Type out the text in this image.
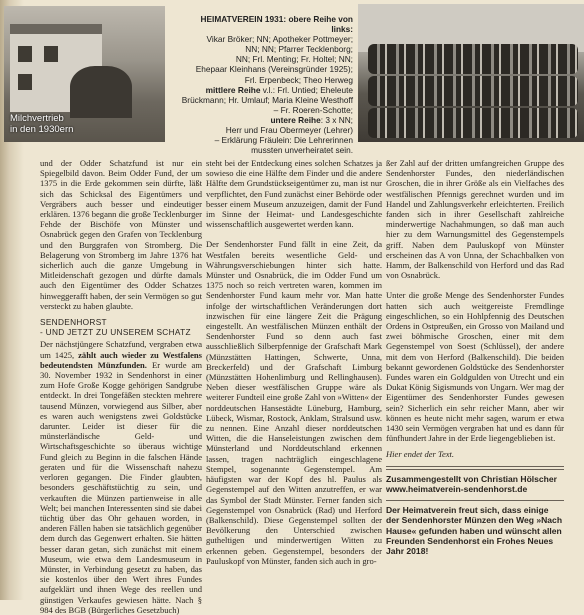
Milchvertrieb
in den 1930ern
HEIMATVEREIN 1931: obere Reihe von links:
Vikar Bröker; NN; Apotheker Pottmeyer;
NN; NN; Pfarrer Tecklenborg;
NN; Frl. Menting; Fr. Holtel; NN;
Ehepaar Kleinhans (Vereinsgründer 1925);
Frl. Erpenbeck; Theo Herweg
mittlere Reihe v.l.: Frl. Untied; Eheleute
Brückmann; Hr. Umlauf; Maria Kleine Westhoff
– Fr. Roeren-Schotte;
untere Reihe: 3 x NN;
Herr und Frau Obermeyer (Lehrer)
– Erklärung Fräulein: Die Lehrerinnen
mussten unverheiratet sein.

und der Odder Schatzfund ist nur ein Spiegelbild davon. Beim Odder Fund, der um 1375 in die Erde gekommen sein dürfte, läßt sich das Schicksal des Eigentümers und Vergräbers auch besser und eindeutiger erklären. 1376 begann die große Tecklenburger Fehde der Bischöfe von Münster und Osnabrück gegen den Grafen von Tecklenburg und den Burggrafen von Stromberg. Die Belagerung von Stromberg im Jahre 1376 hat sicherlich auch die ganze Umgebung in Mitleidenschaft gezogen und dürfte damals auch den Eigentümer des Odder Schatzes hinweggerafft haben, der sein Vermögen so gut versteckt zu haben glaubte.

SENDENHORST
- UND JETZT ZU UNSEREM SCHATZ

Der nächstjüngere Schatzfund, vergraben etwa um 1425, zählt auch wieder zu Westfalens bedeutendsten Münzfunden. Er wurde am 30. November 1932 in Sendenhorst in einer zum Hofe Große Kogge gehörigen Sandgrube entdeckt. In drei Tongefäßen steckten mehrere tausend Münzen, vorwiegend aus Silber, aber es waren auch wenigstens zwei Goldstücke darunter. Leider ist dieser für die münsterländische Geld- und Wirtschaftsgeschichte so überaus wichtige Fund gleich zu Beginn in die falschen Hände geraten und für die Wissenschaft nahezu verloren gegangen. Die Finder glaubten, besonders geschäftstüchtig zu sein, und verkauften die Münzen partienweise in alle Welt; bei manchen Interessenten sind sie dabei tüchtig über das Ohr gehauen worden, in anderen Fällen haben sie tatsächlich gegenüber dem durch das Gegenwert erhalten. Sie hätten besser daran getan, sich zunächst mit einem Museum, wie etwa dem Landesmuseum in Münster, in Verbindung gesetzt zu haben, das sie kostenlos über den Wert ihres Fundes aufgeklärt und ihnen Wege des reellen und günstigen Verkaufes gewiesen hätte. Nach § 984 des BGB (Bürgerliches Gesetzbuch)

steht bei der Entdeckung eines solchen Schatzes ja sowieso die eine Hälfte dem Finder und die andere Hälfte dem Grundstückseigentümer zu, man ist nur verpflichtet, den Fund zunächst einer Behörde oder besser einem Museum anzuzeigen, damit der Fund im Sinne der Heimat- und Landesgeschichte wissenschaftlich ausgewertet werden kann.

Der Sendenhorster Fund fällt in eine Zeit, da Westfalen bereits wesentliche Geld- und Währungsverschiebungen hinter sich hatte. Münster und Osnabrück, die im Odder Fund um 1375 noch so reich vertreten waren, kommen im Sendenhorster Fund kaum mehr vor. Man hatte infolge der wirtschaftlichen Veränderungen dort inzwischen für eine längere Zeit die Prägung eingestellt. An westfälischen Münzen enthält der Sendenhorster Fund so denn auch fast ausschließlich Silberpfennige der Grafschaft Mark (Münzstätten Hattingen, Schwerte, Unna, Breckerfeld) und der Grafschaft Limburg (Münzstätten Hohenlimburg und Rellinghausen). Neben dieser westfälischen Gruppe wäre als weiterer Fundteil eine große Zahl von »Witten« der norddeutschen Hansestädte Lüneburg, Hamburg, Lübeck, Wismar, Rostock, Anklam, Stralsund usw. zu nennen. Eine Anzahl dieser norddeutschen Witten, die die Hanseleistungen zwischen dem Münsterland und Norddeutschland erkennen lassen, tragen nachträglich eingeschlagene Stempel, sogenannte Gegenstempel. Am häufigsten war der Kopf des hl. Paulus als Gegenstempel auf den Witten anzutreffen, er war das Symbol der Stadt Münster. Ferner fanden sich Gegenstempel von Osnabrück (Rad) und Herford (Balkenschild). Diese Gegenstempel sollten der Bevölkerung den Unterschied zwischen gutheltigen und minderwertigen Witten zu erkennen geben. Gegenstempel, besonders der Pauluskopf von Münster, fanden sich auch in gro-

ßer Zahl auf der dritten umfangreichen Gruppe des Sendenhorster Fundes, den niederländischen Groschen, die in ihrer Größe als ein Vielfaches des westfälischen Pfennigs gerechnet wurden und im Handel und Zahlungsverkehr erleichterten. Freilich fanden sich in ihrer Gesellschaft zahlreiche minderwertige Nachahmungen, so daß man auch hier zu dem Warnungsmittel des Gegenstempels griff. Naben dem Pauluskopf von Münster erscheinen das A von Unna, der Schachbalken von Hamm, der Balkenschild von Herford und das Rad von Osnabrück.

Unter die große Menge des Sendenhorster Fundes hatten sich auch weitgereiste Fremdlinge eingeschlichen, so ein Hohlpfennig des Deutschen Ordens in Ostpreußen, ein Grosso von Mailand und zwei böhmische Groschen, einer mit dem Gegenstempel von Soest (Schlüssel), der andere mit dem von Herford (Balkenschild). Die beiden bekannt gewordenen Goldstücke des Sendenhorster Fundes waren ein Goldgulden von Utrecht und ein Dukat König Sigismunds von Ungarn. Wer mag der Eigentümer des Sendenhorster Fundes gewesen sein? Sicherlich ein sehr reicher Mann, aber wir können es heute nicht mehr sagen, warum er etwa 1430 sein Vermögen vergraben hat und es dann für fünfhundert Jahre in der Erde liegengeblieben ist.

Hier endet der Text.

Zusammengestellt von Christian Hölscher
www.heimatverein-sendenhorst.de

Der Heimatverein freut sich, dass einige der Sendenhorster Münzen den Weg »Nach Hause« gefunden haben und wünscht allen Freunden Sendenhorst ein Frohes Neues Jahr 2018!
